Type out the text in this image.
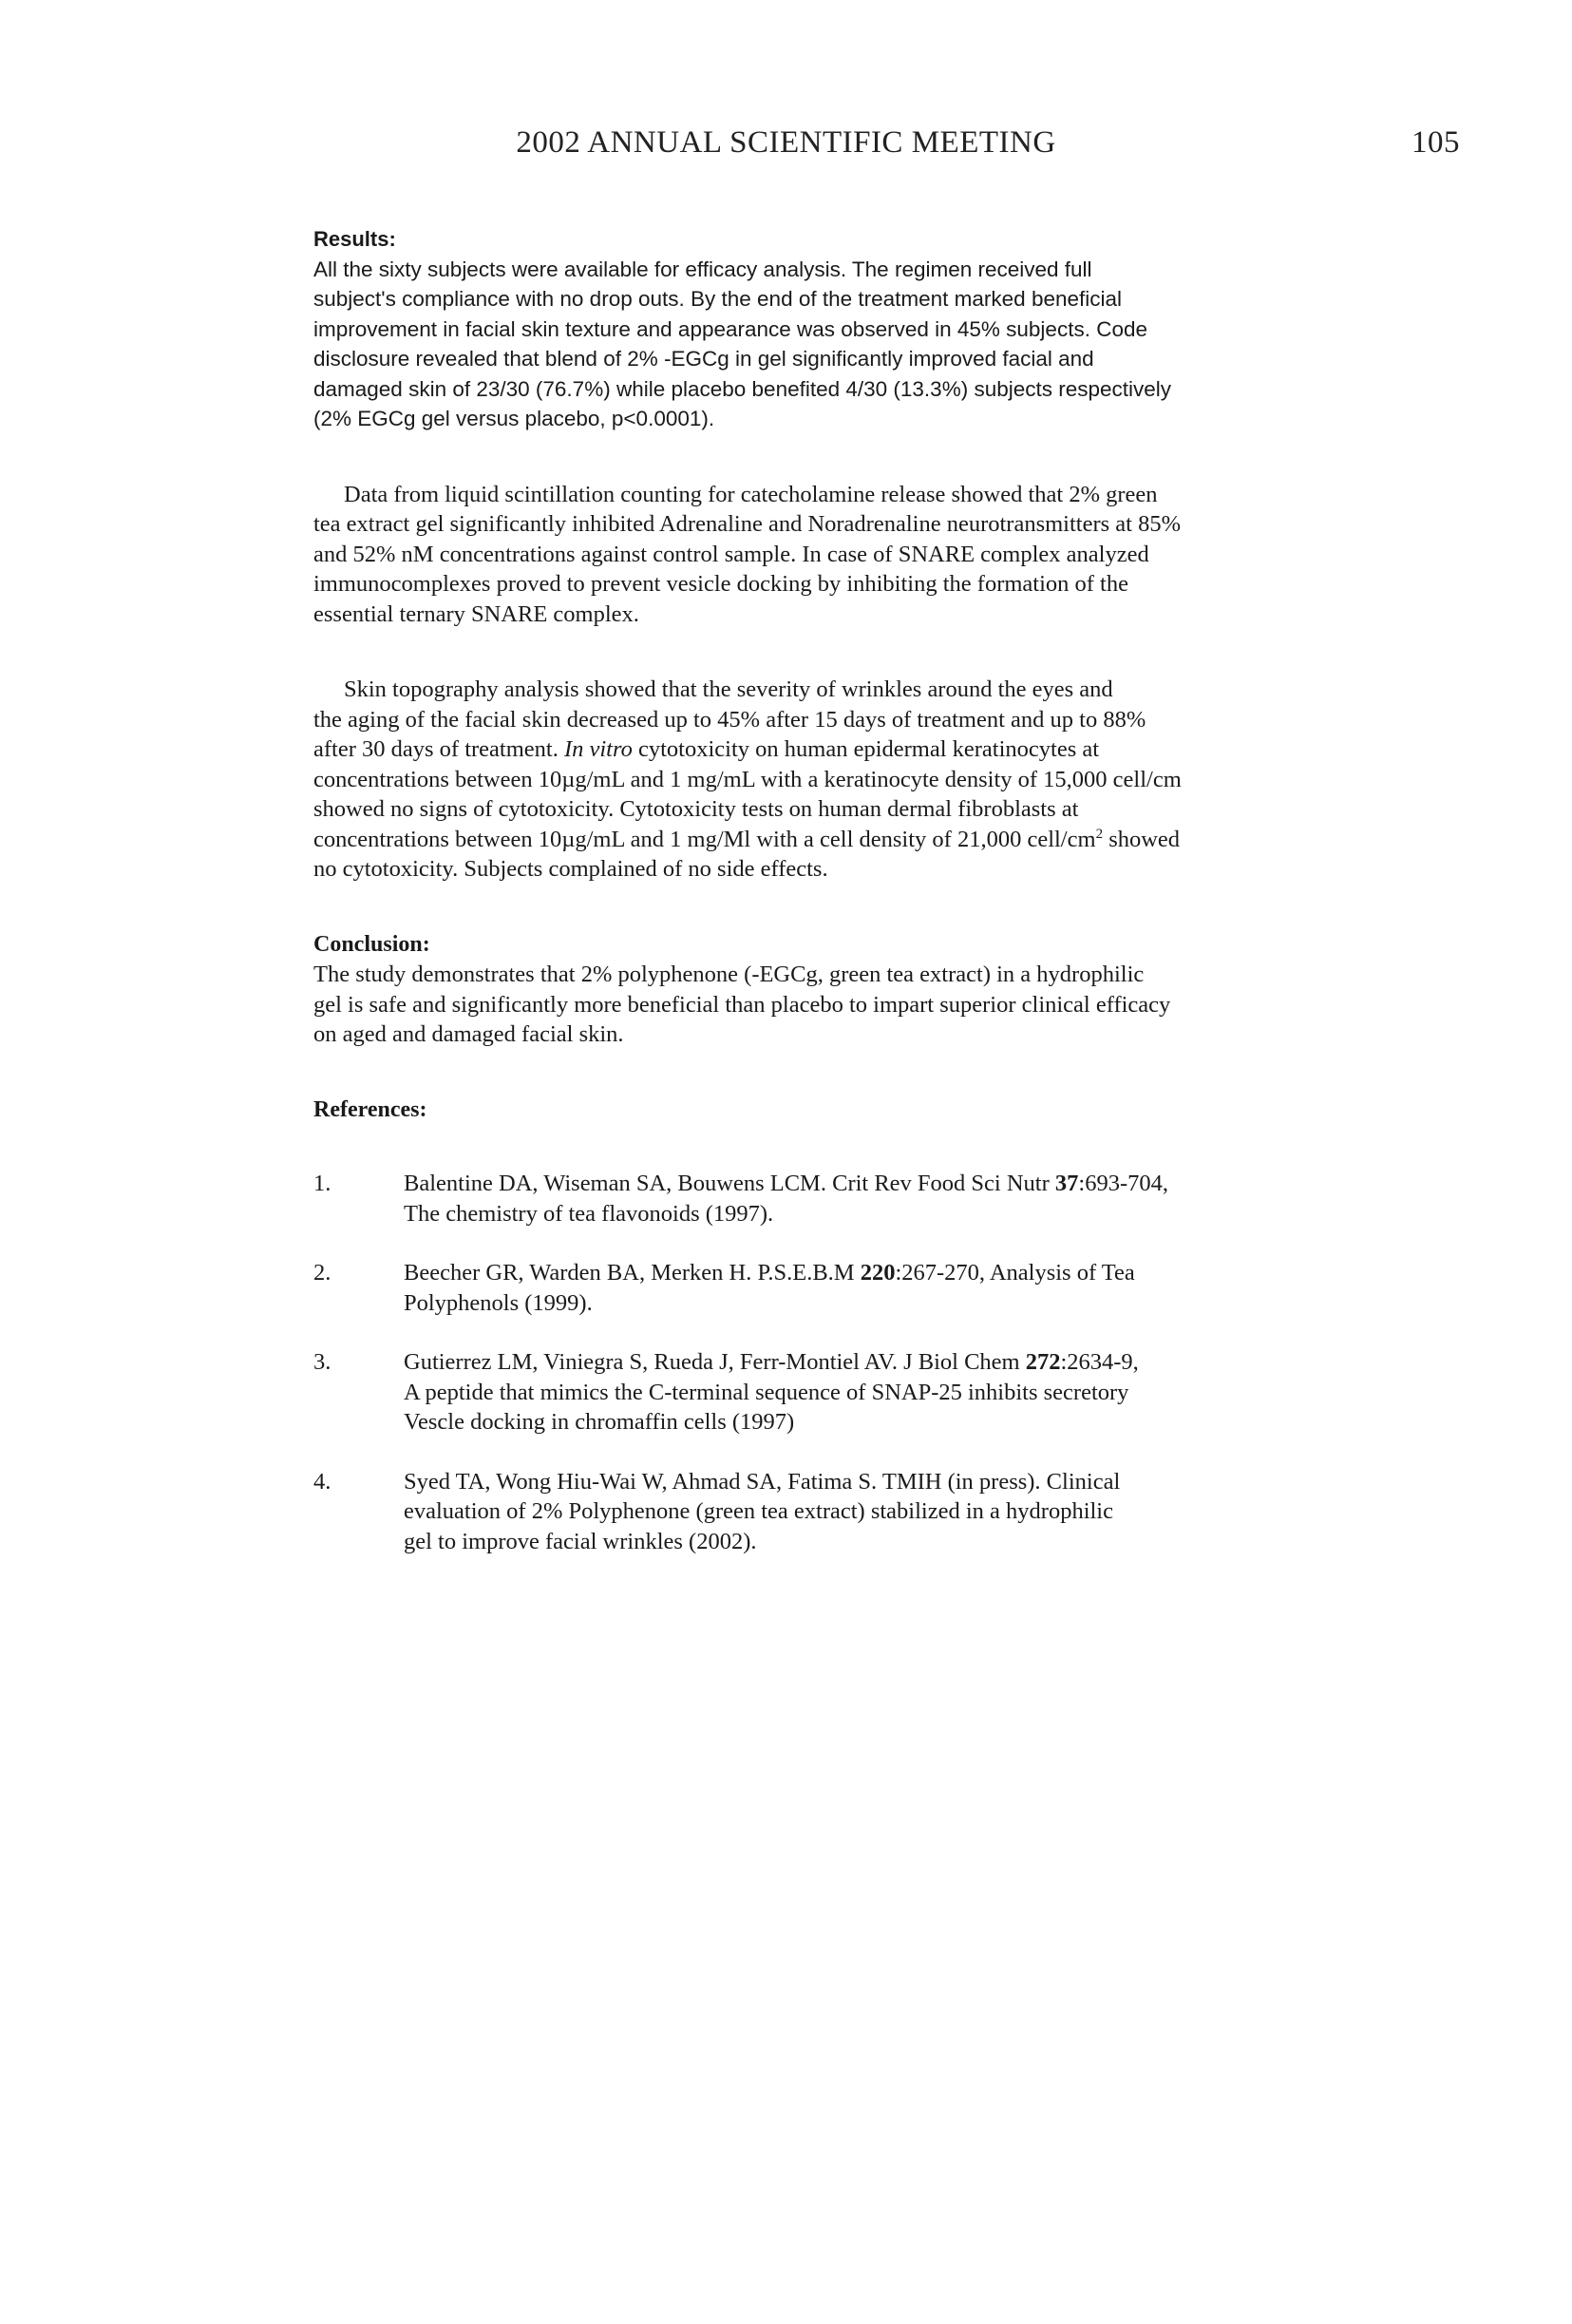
2002 ANNUAL SCIENTIFIC MEETING	105
Results:
All the sixty subjects were available for efficacy analysis. The regimen received full
subject's compliance with no drop outs. By the end of the treatment marked beneficial
improvement in facial skin texture and appearance was observed in 45% subjects. Code
disclosure revealed that blend of 2% -EGCg in gel significantly improved facial and
damaged skin of 23/30 (76.7%) while placebo benefited 4/30 (13.3%) subjects respectively
(2% EGCg gel versus placebo, p<0.0001).
Data from liquid scintillation counting for catecholamine release showed that 2% green
tea extract gel significantly inhibited Adrenaline and Noradrenaline neurotransmitters at 85%
and 52% nM concentrations against control sample. In case of SNARE complex analyzed
immunocomplexes proved to prevent vesicle docking by inhibiting the formation of the
essential ternary SNARE complex.
Skin topography analysis showed that the severity of wrinkles around the eyes and
the aging of the facial skin decreased up to 45% after 15 days of treatment and up to 88%
after 30 days of treatment. In vitro cytotoxicity on human epidermal keratinocytes at
concentrations between 10µg/mL and 1 mg/mL with a keratinocyte density of 15,000 cell/cm
showed no signs of cytotoxicity. Cytotoxicity tests on human dermal fibroblasts at
concentrations between 10µg/mL and 1 mg/Ml with a cell density of 21,000 cell/$cm^2$ showed
no cytotoxicity. Subjects complained of no side effects.
Conclusion:
The study demonstrates that 2% polyphenone (-EGCg, green tea extract) in a hydrophilic
gel is safe and significantly more beneficial than placebo to impart superior clinical efficacy
on aged and damaged facial skin.
References:
1.	Balentine DA, Wiseman SA, Bouwens LCM. Crit Rev Food Sci Nutr 37:693-704,
The chemistry of tea flavonoids (1997).
2.	Beecher GR, Warden BA, Merken H. P.S.E.B.M 220:267-270, Analysis of Tea
Polyphenols (1999).
3.	Gutierrez LM, Viniegra S, Rueda J, Ferr-Montiel AV. J Biol Chem 272:2634-9,
A peptide that mimics the C-terminal sequence of SNAP-25 inhibits secretory
Vescle docking in chromaffin cells (1997)
4.	Syed TA, Wong Hiu-Wai W, Ahmad SA, Fatima S. TMIH (in press). Clinical
evaluation of 2% Polyphenone (green tea extract) stabilized in a hydrophilic
gel to improve facial wrinkles (2002).
